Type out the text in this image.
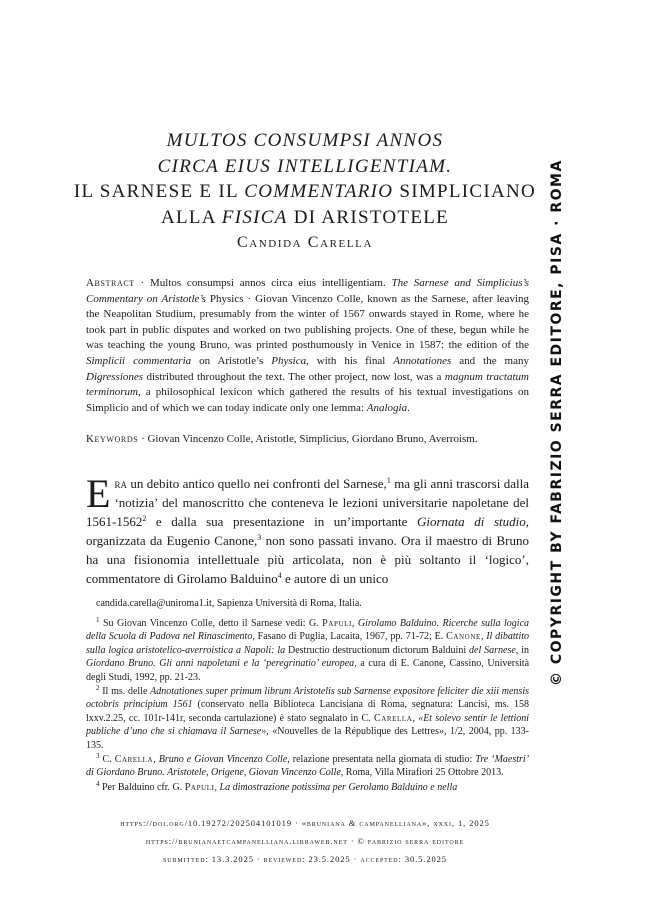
MULTOS CONSUMPSI ANNOS
CIRCA EIUS INTELLIGENTIAM.
IL SARNESE E IL COMMENTARIO SIMPLICIANO
ALLA FISICA DI ARISTOTELE
Candida Carella
Abstract · Multos consumpsi annos circa eius intelligentiam. The Sarnese and Simplicius’s Commentary on Aristotle’s Physics · Giovan Vincenzo Colle, known as the Sarnese, after leaving the Neapolitan Studium, presumably from the winter of 1567 onwards stayed in Rome, where he took part in public disputes and worked on two publishing projects. One of these, begun while he was teaching the young Bruno, was printed posthumously in Venice in 1587: the edition of the Simplicii commentaria on Aristotle’s Physica, with his final Annotationes and the many Digressiones distributed throughout the text. The other project, now lost, was a magnum tractatum terminorum, a philosophical lexicon which gathered the results of his textual investigations on Simplicio and of which we can today indicate only one lemma: Analogia.
Keywords · Giovan Vincenzo Colle, Aristotle, Simplicius, Giordano Bruno, Averroism.
Era un debito antico quello nei confronti del Sarnese,$^1$ ma gli anni trascorsi dalla ‘notizia’ del manoscritto che conteneva le lezioni universitarie napoletane del 1561-1562$^2$ e dalla sua presentazione in un’importante Giornata di studio, organizzata da Eugenio Canone,$^3$ non sono passati invano. Ora il maestro di Bruno ha una fisionomia intellettuale più articolata, non è più soltanto il ‘logico’, commentatore di Girolamo Balduino$^4$ e autore di un unico
candida.carella@uniroma1.it, Sapienza Università di Roma, Italia.
$^1$ Su Giovan Vincenzo Colle, detto il Sarnese vedi: G. Papuli, Girolamo Balduino. Ricerche sulla logica della Scuola di Padova nel Rinascimento, Fasano di Puglia, Lacaita, 1967, pp. 71-72; E. Canone, Il dibattito sulla logica aristotelico-averroistica a Napoli: la Destructio destructionum dictorum Balduini del Sarnese, in Giordano Bruno. Gli anni napoletani e la ‘peregrinatio’ europea, a cura di E. Canone, Cassino, Università degli Studi, 1992, pp. 21-23.
$^2$ Il ms. delle Adnotationes super primum librum Aristotelis sub Sarnense expositore feliciter die xiii mensis octobris principium 1561 (conservato nella Biblioteca Lancisiana di Roma, segnatura: Lancisi, ms. 158 lxxv.2.25, cc. 101r-141r, seconda cartulazione) è stato segnalato in C. Carella, «Et solevo sentir le lettioni publiche d’uno che si chiamava il Sarnese», «Nouvelles de la République des Lettres», 1/2, 2004, pp. 133-135.
$^3$ C. Carella, Bruno e Giovan Vincenzo Colle, relazione presentata nella giornata di studio: Tre ‘Maestri’ di Giordano Bruno. Aristotele, Origene, Giovan Vincenzo Colle, Roma, Villa Mirafiori 25 Ottobre 2013.
$^4$ Per Balduino cfr. G. Papuli, La dimostrazione potissima per Gerolamo Balduino e nella
https://doi.org/10.19272/202504101019 · «bruniana & campanelliana», xxxi, 1, 2025
https://brunianaetcampanelliana.libraweb.net · © fabrizio serra editore
submitted: 13.3.2025 · reviewed: 23.5.2025 · accepted: 30.5.2025
© COPYRIGHT BY FABRIZIO SERRA EDITORE, PISA · ROMA
